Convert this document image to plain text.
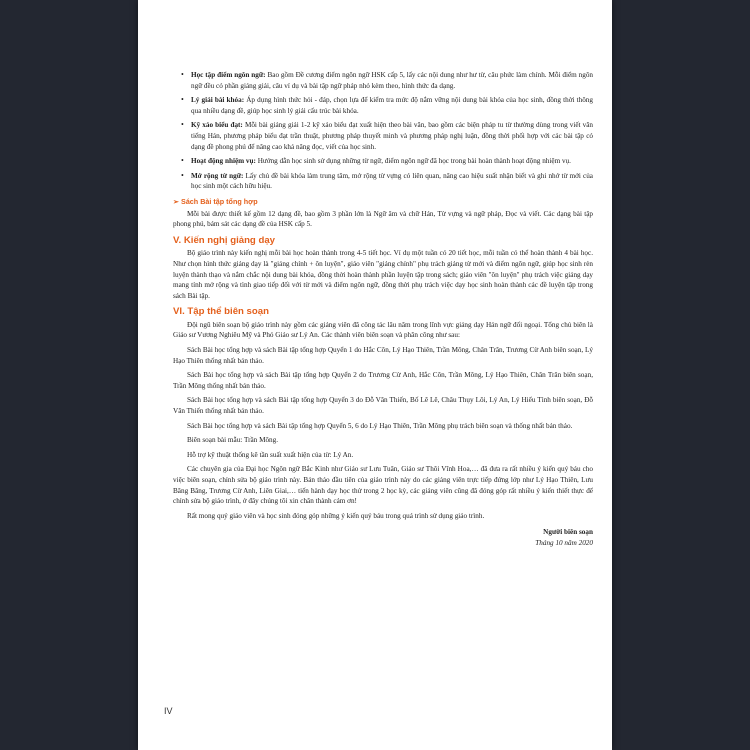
• Học tập điểm ngôn ngữ: Bao gồm Đề cương điểm ngôn ngữ HSK cấp 5, lấy các nội dung như hư từ, câu phức làm chính. Mỗi điểm ngôn ngữ đều có phần giảng giải, câu ví dụ và bài tập ngữ pháp nhỏ kèm theo, hình thức đa dạng.
• Lý giải bài khóa: Áp dụng hình thức hỏi - đáp, chọn lựa để kiểm tra mức độ nắm vững nội dung bài khóa của học sinh, đồng thời thông qua nhiều dạng đề, giúp học sinh lý giải cấu trúc bài khóa.
• Kỹ xảo biểu đạt: Mỗi bài giảng giải 1-2 kỹ xảo biểu đạt xuất hiện theo bài văn, bao gồm các biện pháp tu từ thường dùng trong viết văn tiếng Hán, phương pháp biểu đạt trần thuật, phương pháp thuyết minh và phương pháp nghị luận, đồng thời phối hợp với các bài tập có dạng đề phong phú để nâng cao khả năng đọc, viết của học sinh.
• Hoạt động nhiệm vụ: Hướng dẫn học sinh sử dụng những từ ngữ, điểm ngôn ngữ đã học trong bài hoàn thành hoạt động nhiệm vụ.
• Mở rộng từ ngữ: Lấy chủ đề bài khóa làm trung tâm, mở rộng từ vựng có liên quan, nâng cao hiệu suất nhận biết và ghi nhớ từ mới của học sinh một cách hữu hiệu.
➢ Sách Bài tập tổng hợp

Mỗi bài được thiết kế gồm 12 dạng đề, bao gồm 3 phần lớn là Ngữ âm và chữ Hán, Từ vựng và ngữ pháp, Đọc và viết. Các dạng bài tập phong phú, bám sát các dạng đề của HSK cấp 5.

V. Kiến nghị giảng dạy

Bộ giáo trình này kiến nghị mỗi bài học hoàn thành trong 4-5 tiết học. Ví dụ một tuần có 20 tiết học, mỗi tuần có thể hoàn thành 4 bài học. Như chọn hình thức giảng dạy là "giảng chính + ôn luyện", giáo viên "giảng chính" phụ trách giảng từ mới và điểm ngôn ngữ, giúp học sinh rèn luyện thành thạo và nắm chắc nội dung bài khóa, đồng thời hoàn thành phần luyện tập trong sách; giáo viên "ôn luyện" phụ trách việc giảng dạy mang tính mở rộng và tình giao tiếp đối với từ mới và điểm ngôn ngữ, đồng thời phụ trách việc dạy học sinh hoàn thành các đề luyện tập trong sách Bài tập.

VI. Tập thể biên soạn

Đội ngũ biên soạn bộ giáo trình này gồm các giảng viên đã công tác lâu năm trong lĩnh vực giảng dạy Hán ngữ đối ngoại. Tổng chủ biên là Giáo sư Vương Nghiêu Mỹ và Phó Giáo sư Lý An. Các thành viên biên soạn và phân công như sau:

Sách Bài học tổng hợp và sách Bài tập tổng hợp Quyển 1 do Hắc Côn, Lý Hạo Thiên, Trần Mông, Chân Trân, Trương Cừ Anh biên soạn, Lý Hạo Thiên thống nhất bản thảo.

Sách Bài học tổng hợp và sách Bài tập tổng hợp Quyển 2 do Trương Cừ Anh, Hắc Côn, Trần Mông, Lý Hạo Thiên, Chân Trân biên soạn, Trần Mông thống nhất bản thảo.

Sách Bài học tổng hợp và sách Bài tập tổng hợp Quyển 3 do Đỗ Văn Thiến, Bố Lê Lê, Châu Thụy Lôi, Lý An, Lý Hiểu Tình biên soạn, Đỗ Văn Thiến thống nhất bản thảo.

Sách Bài học tổng hợp và sách Bài tập tổng hợp Quyển 5, 6 do Lý Hạo Thiên, Trần Mông phụ trách biên soạn và thống nhất bản thảo.

Biên soạn bài mẫu: Trần Mông.

Hỗ trợ kỹ thuật thống kê tần suất xuất hiện của từ: Lý An.

Các chuyên gia của Đại học Ngôn ngữ Bắc Kinh như Giáo sư Lưu Tuân, Giáo sư Thôi Vĩnh Hoa,… đã đưa ra rất nhiều ý kiến quý báu cho việc biên soạn, chỉnh sửa bộ giáo trình này. Bản thảo đầu tiên của giáo trình này do các giảng viên trực tiếp đứng lớp như Lý Hạo Thiên, Lưu Băng Băng, Trương Cừ Anh, Liên Giai,… tiến hành dạy học thử trong 2 học kỳ, các giảng viên cũng đã đóng góp rất nhiều ý kiến thiết thực để chỉnh sửa bộ giáo trình, ở đây chúng tôi xin chân thành cảm ơn!

Rất mong quý giáo viên và học sinh đóng góp những ý kiến quý báu trong quá trình sử dụng giáo trình.

Người biên soạn
Tháng 10 năm 2020
IV
